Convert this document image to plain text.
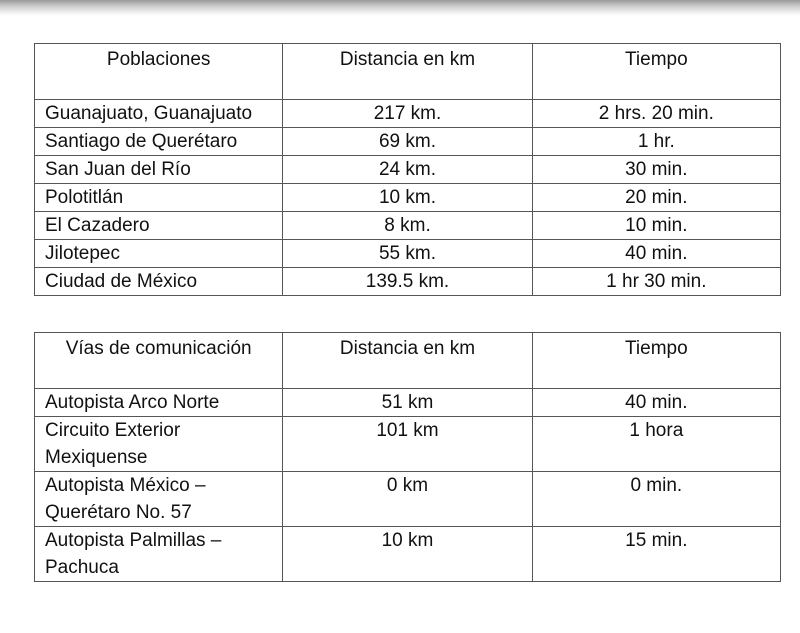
Poblaciones	Distancia en km	Tiempo
Guanajuato, Guanajuato	217 km.	2 hrs. 20 min.
Santiago de Querétaro	69 km.	1 hr.
San Juan del Río	24 km.	30 min.
Polotitlán	10 km.	20 min.
El Cazadero	8 km.	10 min.
Jilotepec	55 km.	40 min.
Ciudad de México	139.5 km.	1 hr 30 min.
Vías de comunicación	Distancia en km	Tiempo
Autopista Arco Norte	51 km	40 min.
Circuito Exterior Mexiquense	101 km	1 hora
Autopista México – Querétaro No. 57	0 km	0 min.
Autopista Palmillas – Pachuca	10 km	15 min.
